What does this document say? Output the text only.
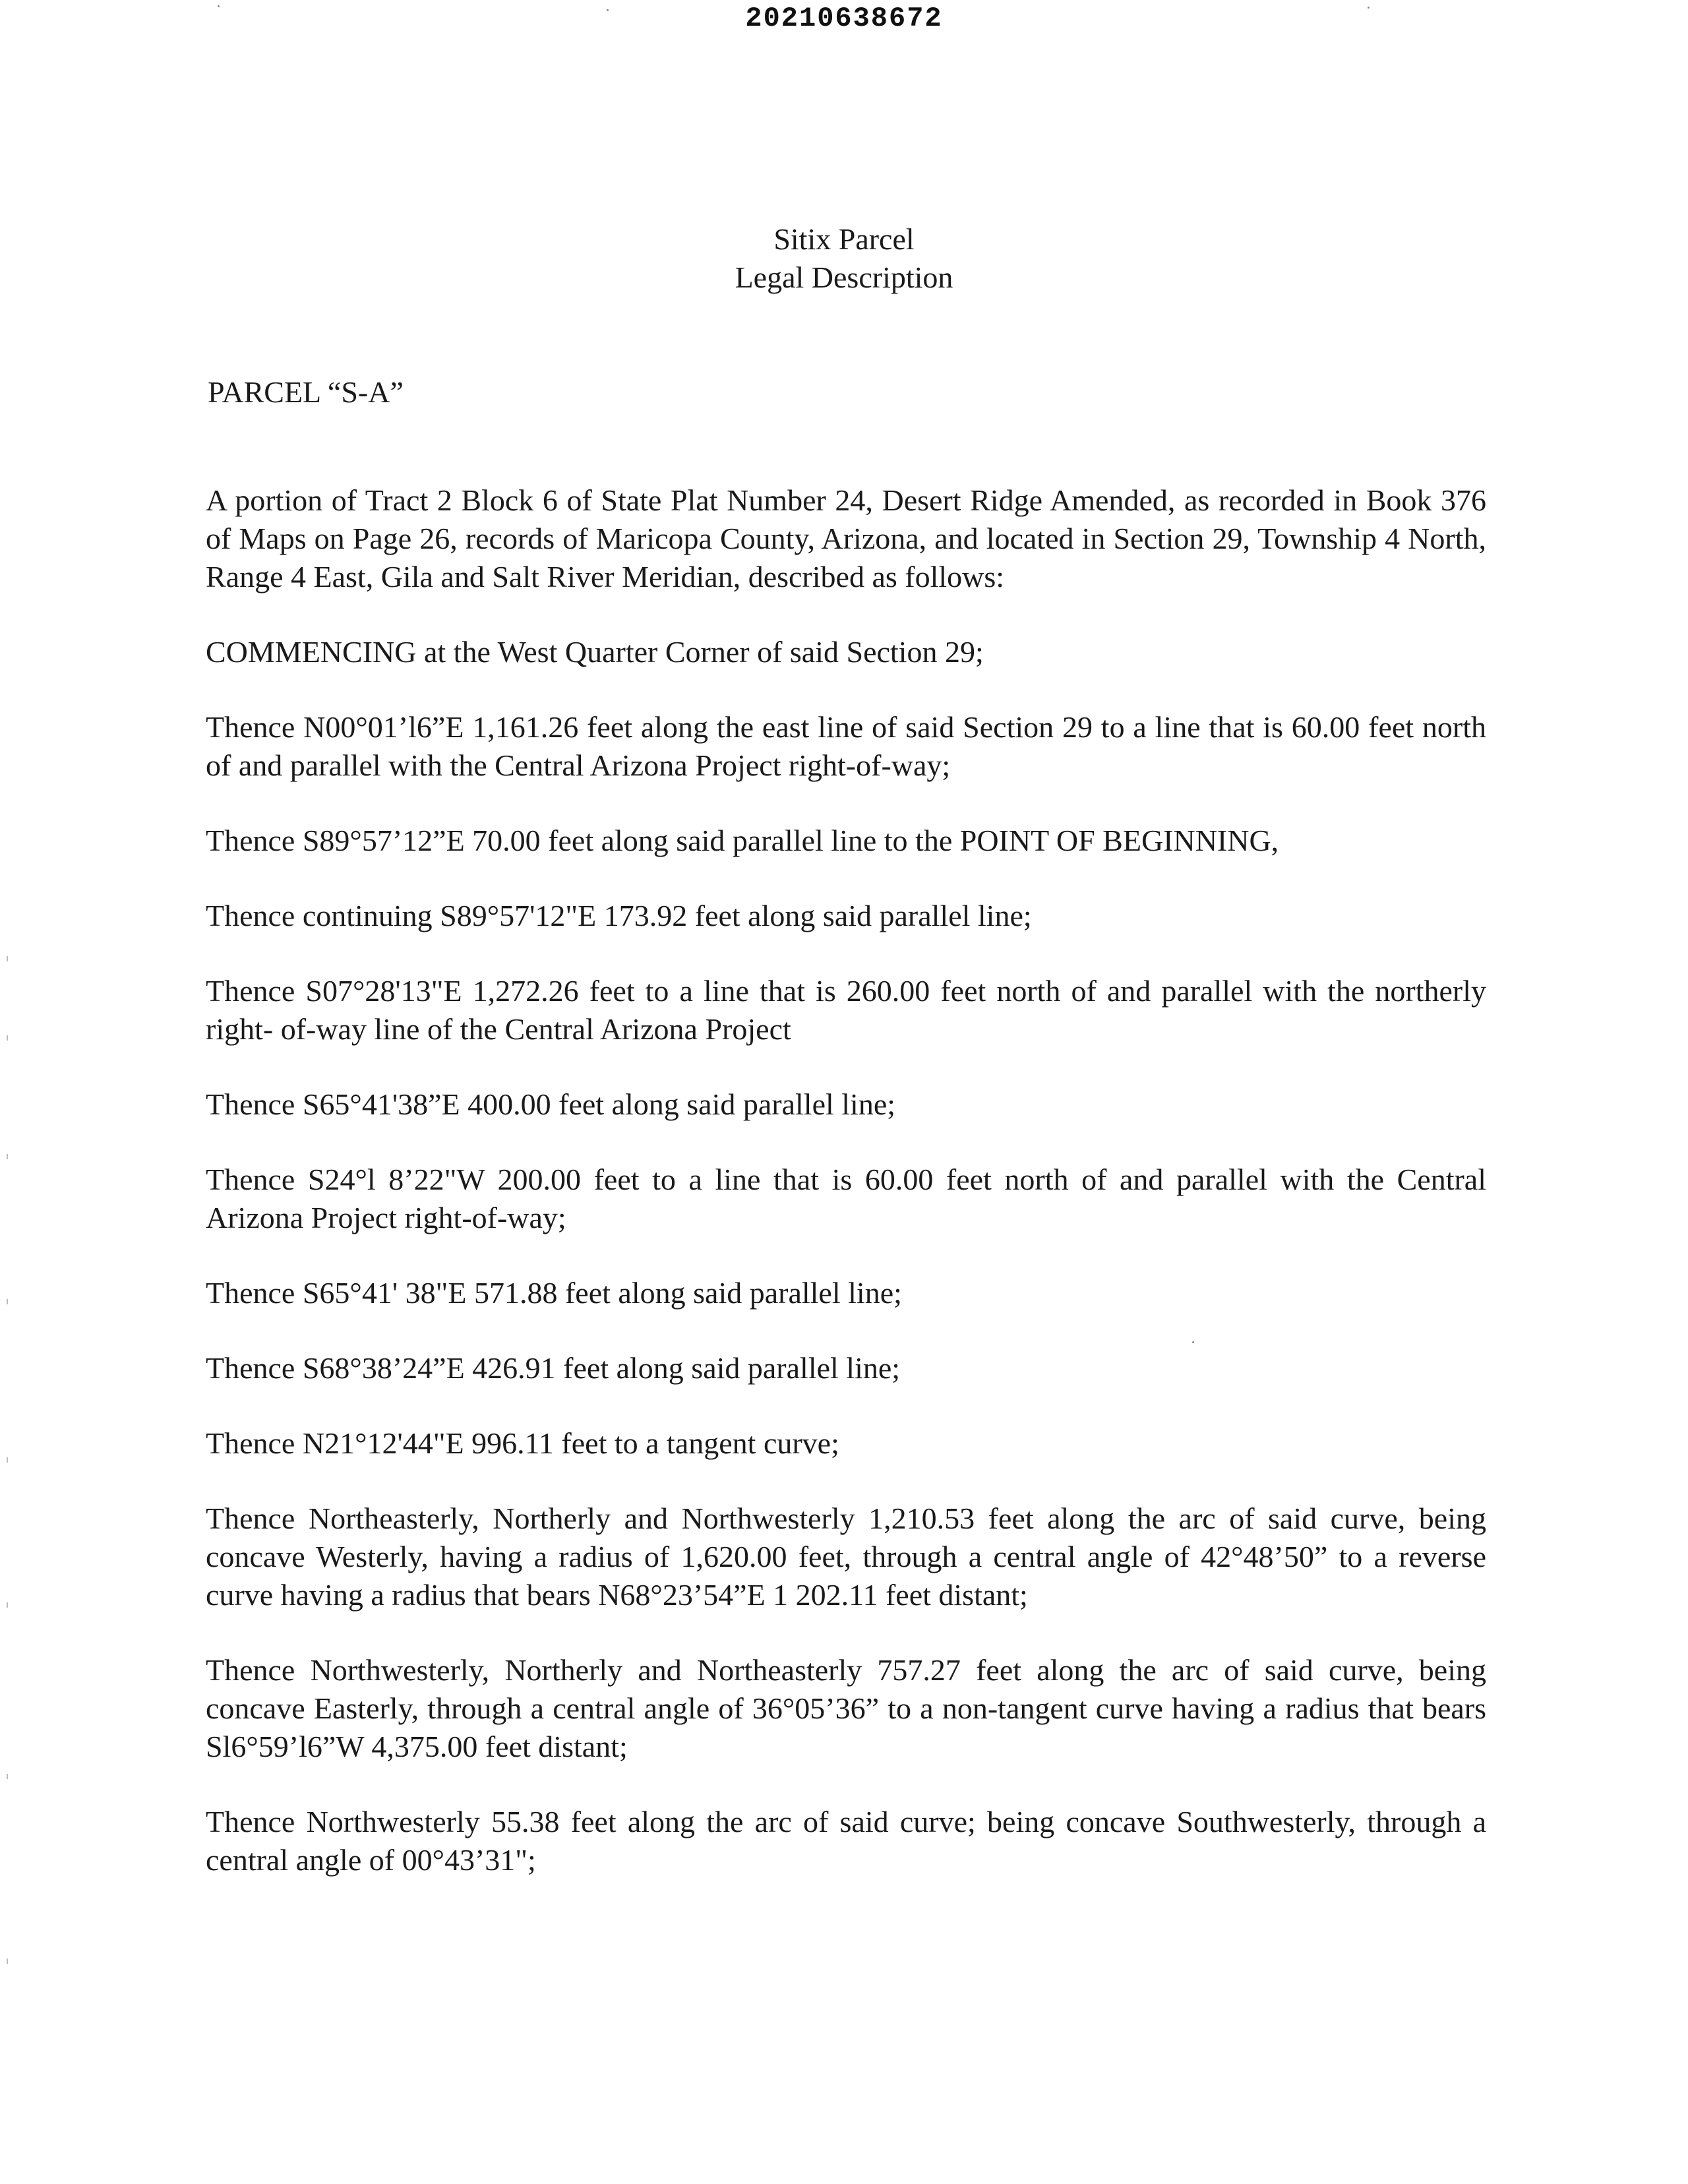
20210638672
Sitix Parcel
Legal Description
PARCEL “S-A”

A portion of Tract 2 Block 6 of State Plat Number 24, Desert Ridge Amended, as recorded in Book 376 of Maps on Page 26, records of Maricopa County, Arizona, and located in Section 29, Township 4 North, Range 4 East, Gila and Salt River Meridian, described as follows:

COMMENCING at the West Quarter Corner of said Section 29;

Thence N00°01’l6”E 1,161.26 feet along the east line of said Section 29 to a line that is 60.00 feet north of and parallel with the Central Arizona Project right-of-way;

Thence S89°57’12”E 70.00 feet along said parallel line to the POINT OF BEGINNING,

Thence continuing S89°57'12"E 173.92 feet along said parallel line;

Thence S07°28'13"E 1,272.26 feet to a line that is 260.00 feet north of and parallel with the northerly right- of-way line of the Central Arizona Project

Thence S65°41'38”E 400.00 feet along said parallel line;

Thence S24°l 8’22"W 200.00 feet to a line that is 60.00 feet north of and parallel with the Central Arizona Project right-of-way;

Thence S65°41' 38"E 571.88 feet along said parallel line;

Thence S68°38’24”E 426.91 feet along said parallel line;

Thence N21°12'44"E 996.11 feet to a tangent curve;

Thence Northeasterly, Northerly and Northwesterly 1,210.53 feet along the arc of said curve, being concave Westerly, having a radius of 1,620.00 feet, through a central angle of 42°48’50” to a reverse curve having a radius that bears N68°23’54”E 1 202.11 feet distant;

Thence Northwesterly, Northerly and Northeasterly 757.27 feet along the arc of said curve, being concave Easterly, through a central angle of 36°05’36” to a non-tangent curve having a radius that bears Sl6°59’l6”W 4,375.00 feet distant;

Thence Northwesterly 55.38 feet along the arc of said curve; being concave Southwesterly, through a central angle of 00°43’31";
